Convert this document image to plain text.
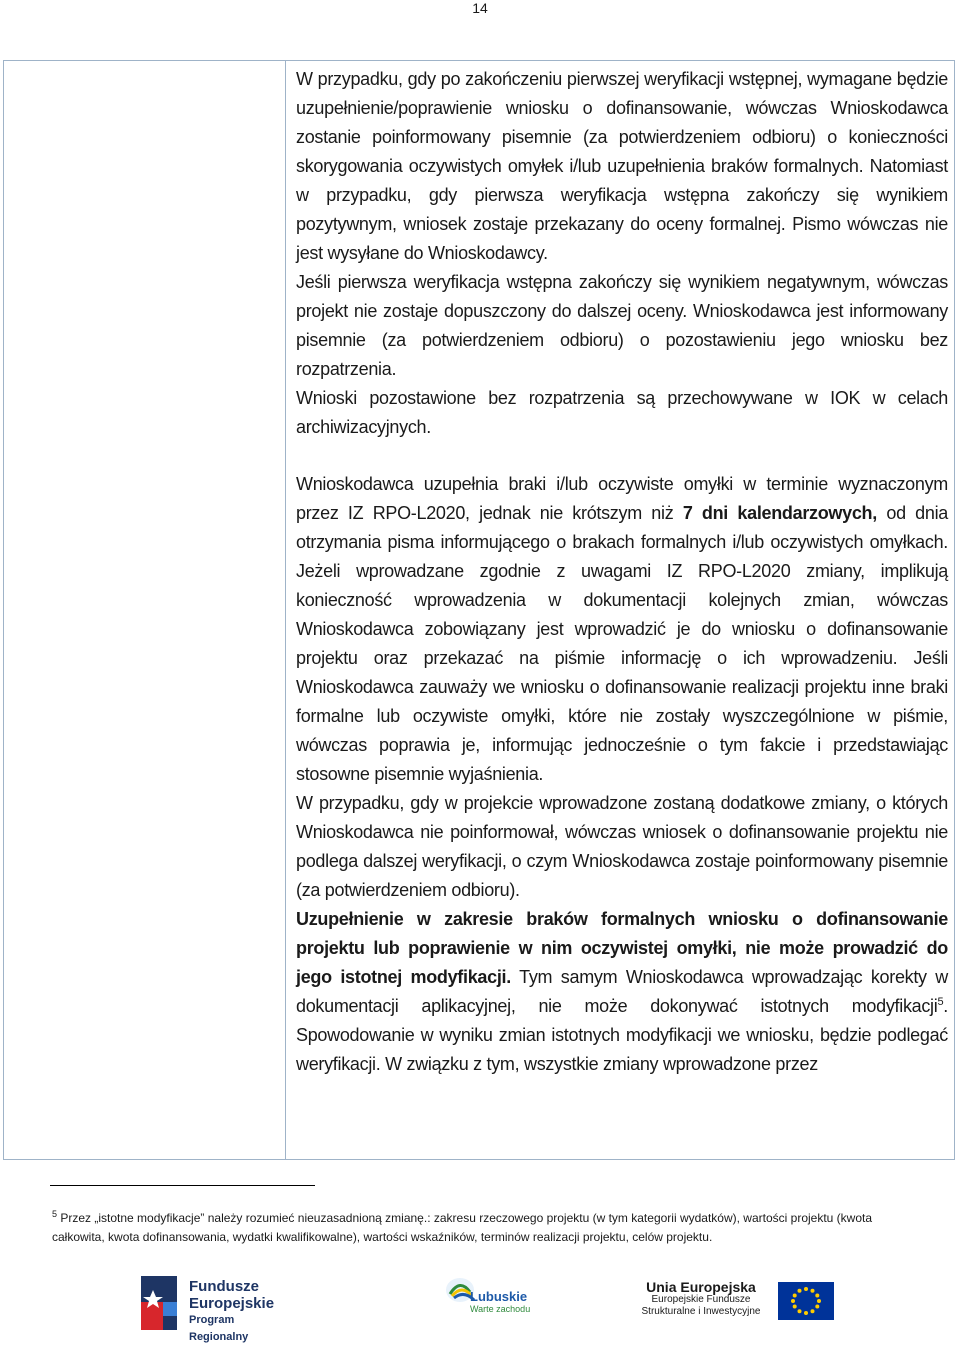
14

W przypadku, gdy po zakończeniu pierwszej weryfikacji wstępnej, wymagane będzie uzupełnienie/poprawienie wniosku o dofinansowanie, wówczas Wnioskodawca zostanie poinformowany pisemnie (za potwierdzeniem odbioru) o konieczności skorygowania oczywistych omyłek i/lub uzupełnienia braków formalnych. Natomiast w przypadku, gdy pierwsza weryfikacja wstępna zakończy się wynikiem pozytywnym, wniosek zostaje przekazany do oceny formalnej. Pismo wówczas nie jest wysyłane do Wnioskodawcy.

Jeśli pierwsza weryfikacja wstępna zakończy się wynikiem negatywnym, wówczas projekt nie zostaje dopuszczony do dalszej oceny. Wnioskodawca jest informowany pisemnie (za potwierdzeniem odbioru) o pozostawieniu jego wniosku bez rozpatrzenia.

Wnioski pozostawione bez rozpatrzenia są przechowywane w IOK w celach archiwizacyjnych.

Wnioskodawca uzupełnia braki i/lub oczywiste omyłki w terminie wyznaczonym przez IZ RPO-L2020, jednak nie krótszym niż 7 dni kalendarzowych, od dnia otrzymania pisma informującego o brakach formalnych i/lub oczywistych omyłkach. Jeżeli wprowadzane zgodnie z uwagami IZ RPO-L2020 zmiany, implikują konieczność wprowadzenia w dokumentacji kolejnych zmian, wówczas Wnioskodawca zobowiązany jest wprowadzić je do wniosku o dofinansowanie projektu oraz przekazać na piśmie informację o ich wprowadzeniu. Jeśli Wnioskodawca zauważy we wniosku o dofinansowanie realizacji projektu inne braki formalne lub oczywiste omyłki, które nie zostały wyszczególnione w piśmie, wówczas poprawia je, informując jednocześnie o tym fakcie i przedstawiając stosowne pisemnie wyjaśnienia.

W przypadku, gdy w projekcie wprowadzone zostaną dodatkowe zmiany, o których Wnioskodawca nie poinformował, wówczas wniosek o dofinansowanie projektu nie podlega dalszej weryfikacji, o czym Wnioskodawca zostaje poinformowany pisemnie (za potwierdzeniem odbioru).

Uzupełnienie w zakresie braków formalnych wniosku o dofinansowanie projektu lub poprawienie w nim oczywistej omyłki, nie może prowadzić do jego istotnej modyfikacji. Tym samym Wnioskodawca wprowadzając korekty w dokumentacji aplikacyjnej, nie może dokonywać istotnych modyfikacji$^5$. Spowodowanie w wyniku zmian istotnych modyfikacji we wniosku, będzie podlegać weryfikacji. W związku z tym, wszystkie zmiany wprowadzone przez

$^5$ Przez „istotne modyfikacje” należy rozumieć nieuzasadnioną zmianę.: zakresu rzeczowego projektu (w tym kategorii wydatków), wartości projektu (kwota całkowita, kwota dofinansowania, wydatki kwalifikowalne), wartości wskaźników, terminów realizacji projektu, celów projektu.
Fundusze
Europejskie
Program Regionalny
Lubuskie
Warte zachodu
Unia Europejska
Europejskie Fundusze
Strukturalne i Inwestycyjne
